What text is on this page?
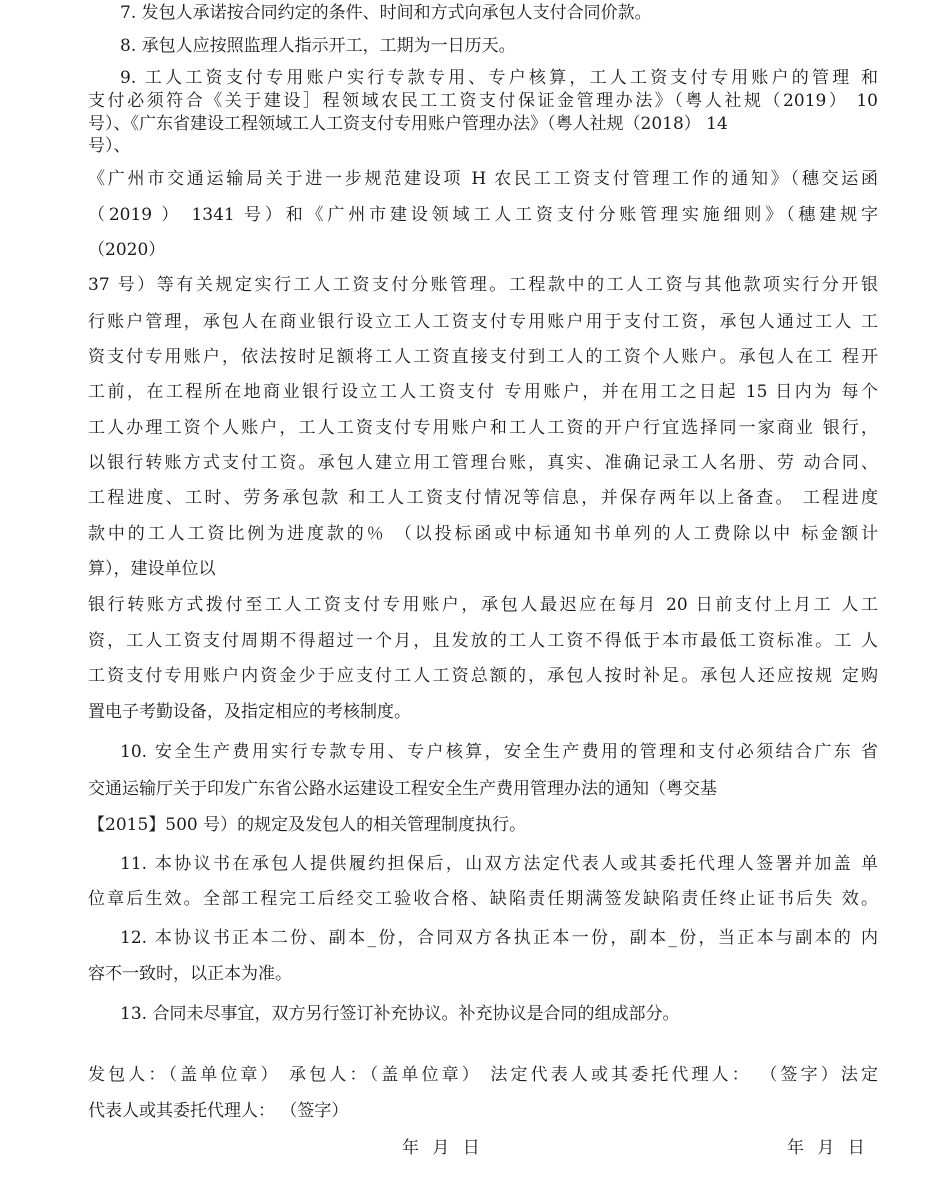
7. 发包人承诺按合同约定的条件、时间和方式向承包人支付合同价款。
8. 承包人应按照监理人指示开工，工期为一日历天。
9. 工人工资支付专用账户实行专款专用、专户核算，工人工资支付专用账户的管理 和
支付必须符合《关于建设］程领域农民工工资支付保证金管理办法》（粤人社规（2019） 10
号）、《广东省建设工程领域工人工资支付专用账户管理办法》（粤人社规（2018） 14
号）、
《广州市交通运输局关于进一步规范建设项 H 农民工工资支付管理工作的通知》（穗交运函
（2019 ） 1341 号）和《广州市建设领域工人工资支付分账管理实施细则》（穗建规字
（2020）
37 号）等有关规定实行工人工资支付分账管理。工程款中的工人工资与其他款项实行分开银
行账户管理，承包人在商业银行设立工人工资支付专用账户用于支付工资，承包人通过工人 工
资支付专用账户，依法按时足额将工人工资直接支付到工人的工资个人账户。承包人在工 程开
工前，在工程所在地商业银行设立工人工资支付 专用账户，并在用工之日起 15 日内为 每个
工人办理工资个人账户，工人工资支付专用账户和工人工资的开户行宜选择同一家商业 银行，
以银行转账方式支付工资。承包人建立用工管理台账，真实、准确记录工人名册、劳 动合同、
工程进度、工时、劳务承包款 和工人工资支付情况等信息，并保存两年以上备查。 工程进度
款中的工人工资比例为进度款的％ （以投标函或中标通知书单列的人工费除以中 标金额计
算），建设单位以
银行转账方式拨付至工人工资支付专用账户，承包人最迟应在每月 20 日前支付上月工 人工
资，工人工资支付周期不得超过一个月，且发放的工人工资不得低于本市最低工资标准。工 人
工资支付专用账户内资金少于应支付工人工资总额的，承包人按时补足。承包人还应按规 定购
置电子考勤设备，及指定相应的考核制度。
10. 安全生产费用实行专款专用、专户核算，安全生产费用的管理和支付必须结合广东 省
交通运输厅关于印发广东省公路水运建设工程安全生产费用管理办法的通知（粤交基
【2015】500 号）的规定及发包人的相关管理制度执行。
11. 本协议书在承包人提供履约担保后，山双方法定代表人或其委托代理人签署并加盖 单
位章后生效。全部工程完工后经交工验收合格、缺陷责任期满签发缺陷责任终止证书后失 效。
12. 本协议书正本二份、副本_份，合同双方各执正本一份，副本_份，当正本与副本的 内
容不一致时，以正本为准。
13. 合同未尽事宜，双方另行签订补充协议。补充协议是合同的组成部分。
发包人：（盖单位章） 承包人：（盖单位章） 法定代表人或其委托代理人： （签字）法定
代表人或其委托代理人： （签字）
年 月 日	年 月 日
